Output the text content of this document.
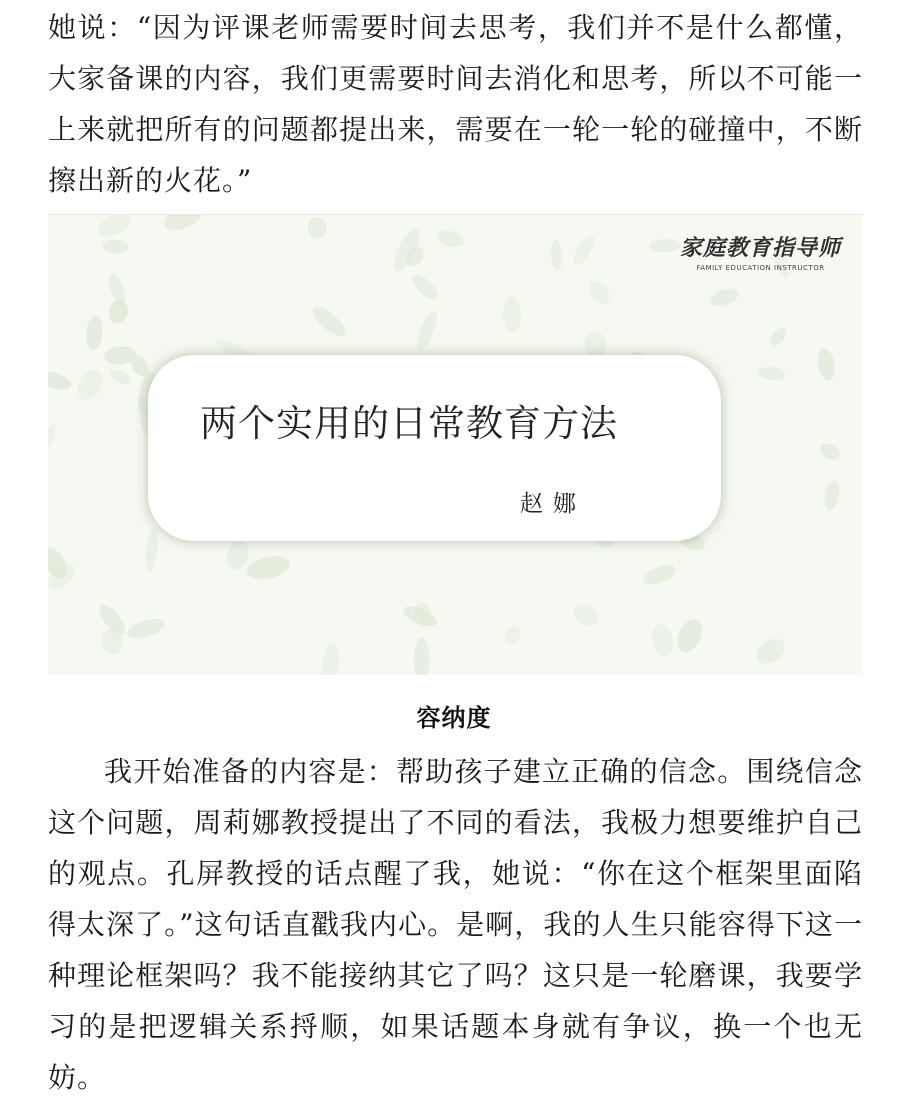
她说：“因为评课老师需要时间去思考，我们并不是什么都懂，大家备课的内容，我们更需要时间去消化和思考，所以不可能一上来就把所有的问题都提出来，需要在一轮一轮的碰撞中，不断擦出新的火花。”

家庭教育指导师
FAMILY EDUCATION INSTRUCTOR
两个实用的日常教育方法
赵娜
容纳度

我开始准备的内容是：帮助孩子建立正确的信念。围绕信念这个问题，周莉娜教授提出了不同的看法，我极力想要维护自己的观点。孔屏教授的话点醒了我，她说：“你在这个框架里面陷得太深了。”这句话直戳我内心。是啊，我的人生只能容得下这一种理论框架吗？我不能接纳其它了吗？这只是一轮磨课，我要学习的是把逻辑关系捋顺，如果话题本身就有争议，换一个也无妨。
